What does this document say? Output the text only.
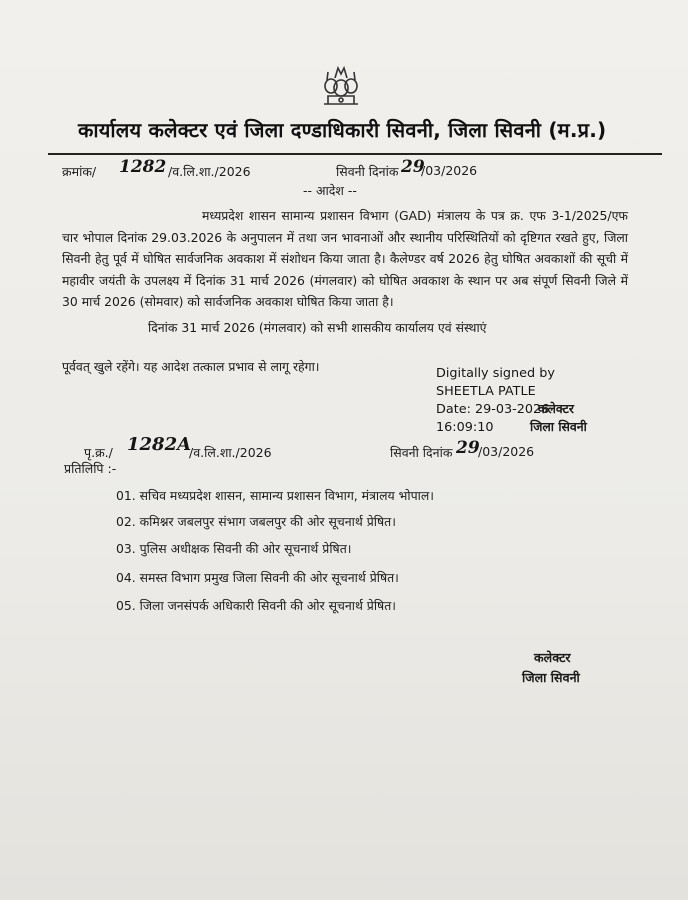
कार्यालय कलेक्टर एवं जिला दण्डाधिकारी सिवनी, जिला सिवनी (म.प्र.)
क्रमांक/ 1282 /व.लि.शा./2026	सिवनी दिनांक 29
/03/2026
-- आदेश --

मध्यप्रदेश शासन सामान्य प्रशासन विभाग (GAD) मंत्रालय के पत्र क्र. एफ 3-1/2025/एफ चार भोपाल दिनांक 29.03.2026 के अनुपालन में तथा जन भावनाओं और स्थानीय परिस्थितियों को दृष्टिगत रखते हुए, जिला सिवनी हेतु पूर्व में घोषित सार्वजनिक अवकाश में संशोधन किया जाता है। कैलेण्डर वर्ष 2026 हेतु घोषित अवकाशों की सूची में महावीर जयंती के उपलक्ष्य में दिनांक 31 मार्च 2026 (मंगलवार) को घोषित अवकाश के स्थान पर अब संपूर्ण सिवनी जिले में 30 मार्च 2026 (सोमवार) को सार्वजनिक अवकाश घोषित किया जाता है।

दिनांक 31 मार्च 2026 (मंगलवार) को सभी शासकीय कार्यालय एवं संस्थाएं

पूर्ववत् खुले रहेंगे। यह आदेश तत्काल प्रभाव से लागू रहेगा।	Digitally signed by
SHEETLA PATLE
Date: 29-03-2026
16:09:10
कलेक्टर
जिला सिवनी
पृ.क्र./ 1282A
/व.लि.शा./2026	सिवनी दिनांक 29
/03/2026
प्रतिलिपि :-
01. सचिव मध्यप्रदेश शासन, सामान्य प्रशासन विभाग, मंत्रालय भोपाल।
02. कमिश्नर जबलपुर संभाग जबलपुर की ओर सूचनार्थ प्रेषित।
03. पुलिस अधीक्षक सिवनी की ओर सूचनार्थ प्रेषित।
04. समस्त विभाग प्रमुख जिला सिवनी की ओर सूचनार्थ प्रेषित।
05. जिला जनसंपर्क अधिकारी सिवनी की ओर सूचनार्थ प्रेषित।
कलेक्टर
जिला सिवनी
